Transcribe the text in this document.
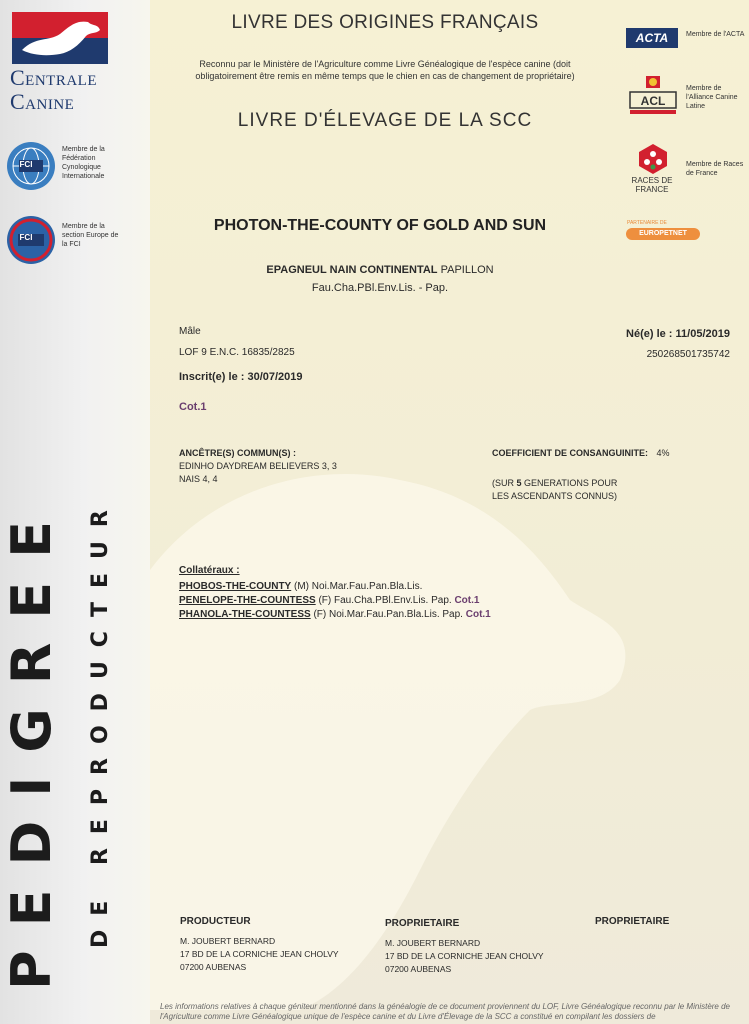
Centrale
Canine
FCI
Membre de la Fédération Cynologique Internationale
FCI
Membre de la section Europe de la FCI
PEDIGREE DE REPRODUCTEUR
LIVRE DES ORIGINES FRANÇAIS
Reconnu par le Ministère de l'Agriculture comme Livre Généalogique de l'espèce canine (doit obligatoirement être remis en même temps que le chien en cas de changement de propriétaire)
LIVRE D'ÉLEVAGE DE LA SCC
ACTA	Membre de l'ACTA
ACL
Membre de l'Alliance Canine Latine
RACES DE FRANCE
Membre de Races de France
PARTENAIRE DE
EUROPETNET
PHOTON-THE-COUNTY OF GOLD AND SUN
EPAGNEUL NAIN CONTINENTAL PAPILLON
Fau.Cha.PBl.Env.Lis. - Pap.
Mâle
LOF 9 E.N.C. 16835/2825
Inscrit(e) le : 30/07/2019
Cot.1
Né(e) le : 11/05/2019
250268501735742
ANCÊTRE(S) COMMUN(S) :
EDINHO DAYDREAM BELIEVERS 3, 3
NAIS 4, 4
COEFFICIENT DE CONSANGUINITE: 4%
(SUR 5 GENERATIONS POUR
LES ASCENDANTS CONNUS)
Collatéraux :
PHOBOS-THE-COUNTY (M) Noi.Mar.Fau.Pan.Bla.Lis.
PENELOPE-THE-COUNTESS (F) Fau.Cha.PBl.Env.Lis. Pap. Cot.1
PHANOLA-THE-COUNTESS (F) Noi.Mar.Fau.Pan.Bla.Lis. Pap. Cot.1
PRODUCTEUR
M. JOUBERT BERNARD
17 BD DE LA CORNICHE JEAN CHOLVY
07200 AUBENAS
PROPRIETAIRE
M. JOUBERT BERNARD
17 BD DE LA CORNICHE JEAN CHOLVY
07200 AUBENAS
PROPRIETAIRE
Les informations relatives à chaque géniteur mentionné dans la généalogie de ce document proviennent du LOF, Livre Généalogique reconnu par le Ministère de l'Agriculture comme Livre Généalogique unique de l'espèce canine et du Livre d'Élevage de la SCC a constitué en compilant les dossiers de
